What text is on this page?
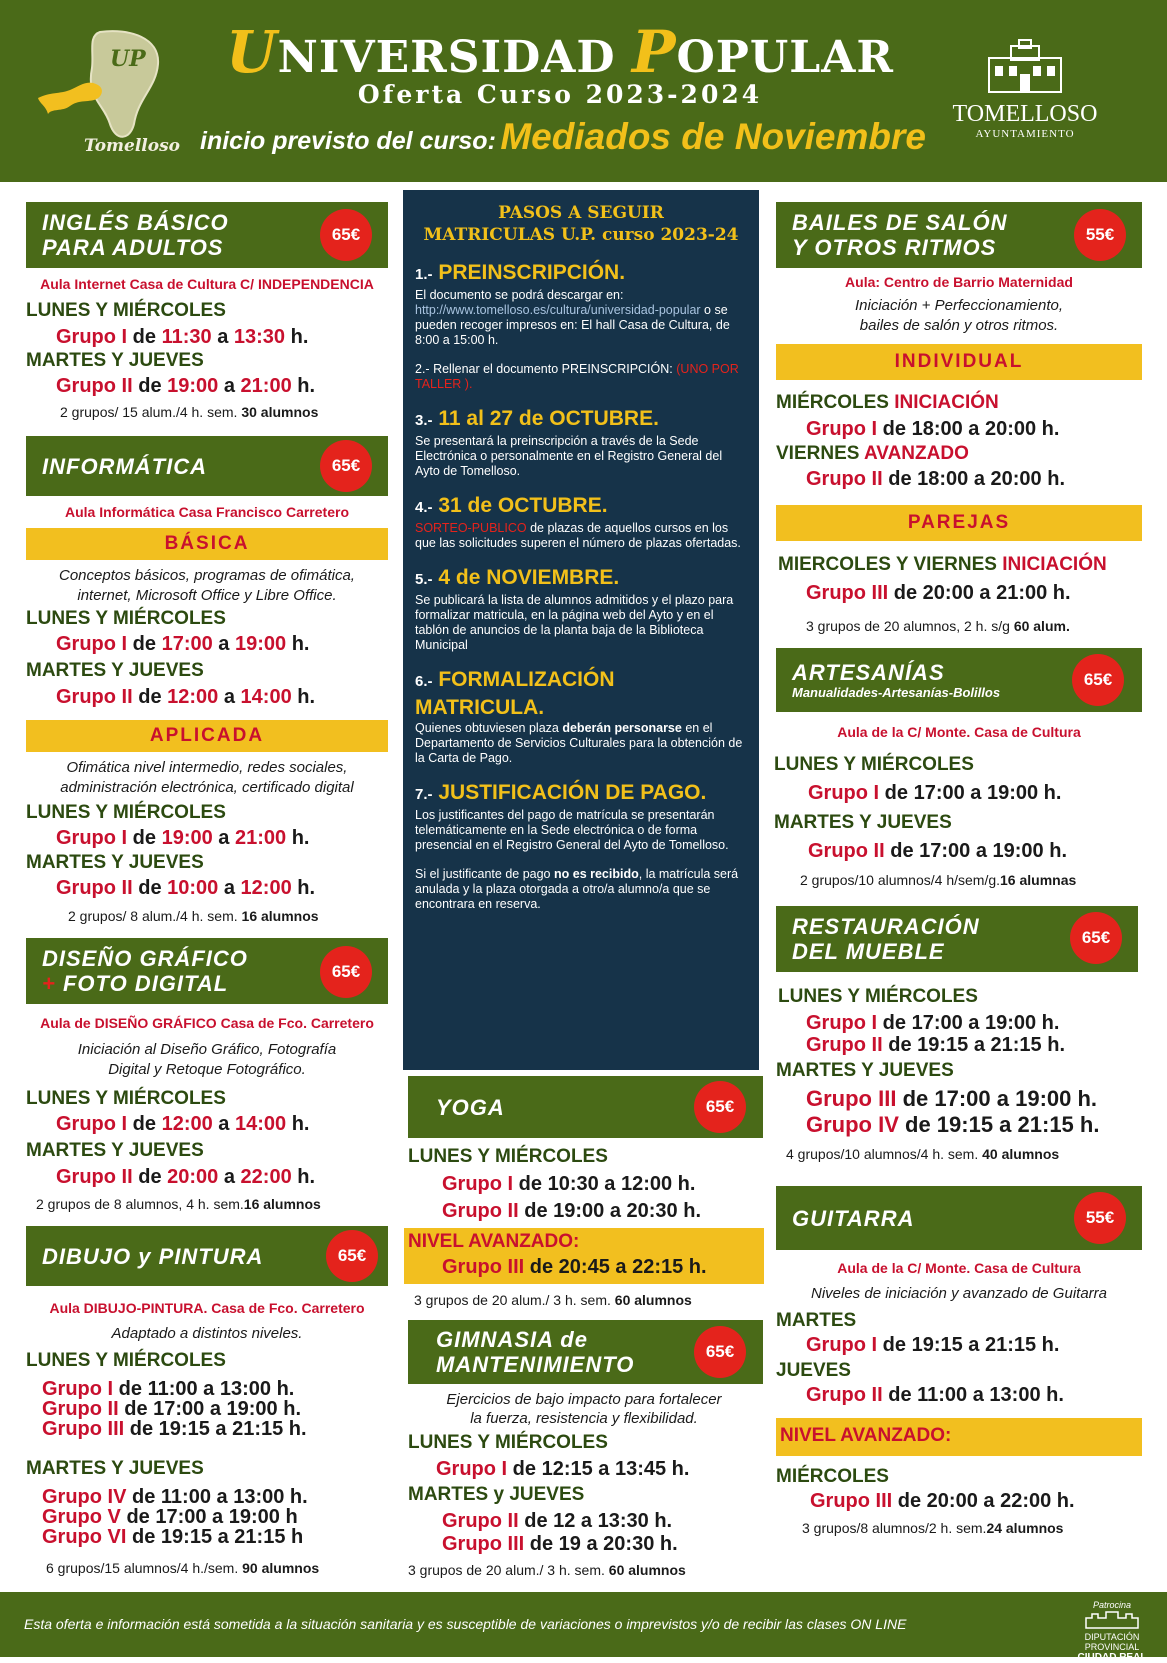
UP
Tomelloso
UNIVERSIDAD POPULAR
Oferta Curso 2023-2024
inicio previsto del curso: Mediados de Noviembre
TOMELLOSO
AYUNTAMIENTO
INGLÉS BÁSICO
PARA ADULTOS
65€
Aula Internet Casa de Cultura C/ INDEPENDENCIA
LUNES Y MIÉRCOLES
Grupo I de 11:30 a 13:30 h.
MARTES Y JUEVES
Grupo II de 19:00 a 21:00 h.
2 grupos/ 15 alum./4 h. sem. 30 alumnos
INFORMÁTICA	65€
Aula Informática Casa Francisco Carretero
BÁSICA
Conceptos básicos, programas de ofimática,
internet, Microsoft Office y Libre Office.
LUNES Y MIÉRCOLES
Grupo I de 17:00 a 19:00 h.
MARTES Y JUEVES
Grupo II de 12:00 a 14:00 h.
APLICADA
Ofimática nivel intermedio, redes sociales,
administración electrónica, certificado digital
LUNES Y MIÉRCOLES
Grupo I de 19:00 a 21:00 h.
MARTES Y JUEVES
Grupo II de 10:00 a 12:00 h.
2 grupos/ 8 alum./4 h. sem. 16 alumnos
DISEÑO GRÁFICO
+ FOTO DIGITAL	65€
Aula de DISEÑO GRÁFICO Casa de Fco. Carretero
Iniciación al Diseño Gráfico, Fotografía
Digital y Retoque Fotográfico.
LUNES Y MIÉRCOLES
Grupo I de 12:00 a 14:00 h.
MARTES Y JUEVES
Grupo II de 20:00 a 22:00 h.
2 grupos de 8 alumnos, 4 h. sem.16 alumnos
DIBUJO y PINTURA	65€
Aula DIBUJO-PINTURA. Casa de Fco. Carretero
Adaptado a distintos niveles.
LUNES Y MIÉRCOLES
Grupo I de 11:00 a 13:00 h.
Grupo II de 17:00 a 19:00 h.
Grupo III de 19:15 a 21:15 h.
MARTES Y JUEVES
Grupo IV de 11:00 a 13:00 h.
Grupo V de 17:00 a 19:00 h
Grupo VI de 19:15 a 21:15 h
6 grupos/15 alumnos/4 h./sem. 90 alumnos
PASOS A SEGUIR
MATRICULAS U.P. curso 2023-24
1.- PREINSCRIPCIÓN.
El documento se podrá descargar en: http://www.tomelloso.es/cultura/universidad-popular o se pueden recoger impresos en: El hall Casa de Cultura, de 8:00 a 15:00 h.
2.- Rellenar el documento PREINSCRIPCIÓN: (UNO POR TALLER ).
3.- 11 al 27 de OCTUBRE.
Se presentará la preinscripción a través de la Sede Electrónica o personalmente en el Registro General del Ayto de Tomelloso.
4.- 31 de OCTUBRE.
SORTEO-PUBLICO de plazas de aquellos cursos en los que las solicitudes superen el número de plazas ofertadas.
5.- 4 de NOVIEMBRE.
Se publicará la lista de alumnos admitidos y el plazo para formalizar matricula, en la página web del Ayto y en el tablón de anuncios de la planta baja de la Biblioteca Municipal
6.- FORMALIZACIÓN MATRICULA.
Quienes obtuviesen plaza deberán personarse en el Departamento de Servicios Culturales para la obtención de la Carta de Pago.
7.- JUSTIFICACIÓN DE PAGO.
Los justificantes del pago de matrícula se presentarán telemáticamente en la Sede electrónica o de forma presencial en el Registro General del Ayto de Tomelloso.
Si el justificante de pago no es recibido, la matrícula será anulada y la plaza otorgada a otro/a alumno/a que se encontrara en reserva.
YOGA	65€
LUNES Y MIÉRCOLES
Grupo I de 10:30 a 12:00 h.
Grupo II de 19:00 a 20:30 h.
NIVEL AVANZADO:
Grupo III de 20:45 a 22:15 h.
3 grupos de 20 alum./ 3 h. sem. 60 alumnos
GIMNASIA de
MANTENIMIENTO
65€
Ejercicios de bajo impacto para fortalecer
la fuerza, resistencia y flexibilidad.
LUNES Y MIÉRCOLES
Grupo I de 12:15 a 13:45 h.
MARTES y JUEVES
Grupo II de 12 a 13:30 h.
Grupo III de 19 a 20:30 h.
3 grupos de 20 alum./ 3 h. sem. 60 alumnos
BAILES DE SALÓN
Y OTROS RITMOS
55€
Aula: Centro de Barrio Maternidad
Iniciación + Perfeccionamiento,
bailes de salón y otros ritmos.
INDIVIDUAL
MIÉRCOLES INICIACIÓN
Grupo I de 18:00 a 20:00 h.
VIERNES AVANZADO
Grupo II de 18:00 a 20:00 h.
PAREJAS
MIERCOLES Y VIERNES INICIACIÓN
Grupo III de 20:00 a 21:00 h.
3 grupos de 20 alumnos, 2 h. s/g 60 alum.
ARTESANÍAS
Manualidades-Artesanías-Bolillos
65€
Aula de la C/ Monte. Casa de Cultura
LUNES Y MIÉRCOLES
Grupo I de 17:00 a 19:00 h.
MARTES Y JUEVES
Grupo II de 17:00 a 19:00 h.
2 grupos/10 alumnos/4 h/sem/g.16 alumnas
RESTAURACIÓN
DEL MUEBLE
65€
LUNES Y MIÉRCOLES
Grupo I de 17:00 a 19:00 h.
Grupo II de 19:15 a 21:15 h.
MARTES Y JUEVES
Grupo III de 17:00 a 19:00 h.
Grupo IV de 19:15 a 21:15 h.
4 grupos/10 alumnos/4 h. sem. 40 alumnos
GUITARRA	55€
Aula de la C/ Monte. Casa de Cultura
Niveles de iniciación y avanzado de Guitarra
MARTES
Grupo I de 19:15 a 21:15 h.
JUEVES
Grupo II de 11:00 a 13:00 h.
NIVEL AVANZADO:
MIÉRCOLES
Grupo III de 20:00 a 22:00 h.
3 grupos/8 alumnos/2 h. sem.24 alumnos
Esta oferta e información está sometida a la situación sanitaria y es susceptible de variaciones o imprevistos y/o de recibir las clases ON LINE
Patrocina
DIPUTACIÓN PROVINCIAL
CIUDAD REAL
